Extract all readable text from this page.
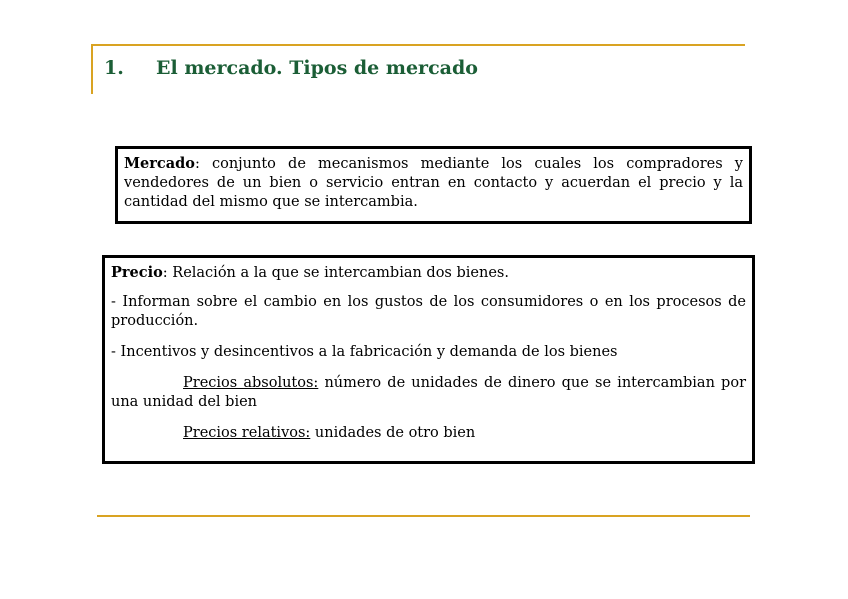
1. El mercado. Tipos de mercado
Mercado: conjunto de mecanismos mediante los cuales los compradores y vendedores de un bien o servicio entran en contacto y acuerdan el precio y la cantidad del mismo que se intercambia.

Precio: Relación a la que se intercambian dos bienes.

- Informan sobre el cambio en los gustos de los consumidores o en los procesos de producción.

- Incentivos y desincentivos a la fabricación y demanda de los bienes

Precios absolutos: número de unidades de dinero que se intercambian por una unidad del bien

Precios relativos: unidades de otro bien
